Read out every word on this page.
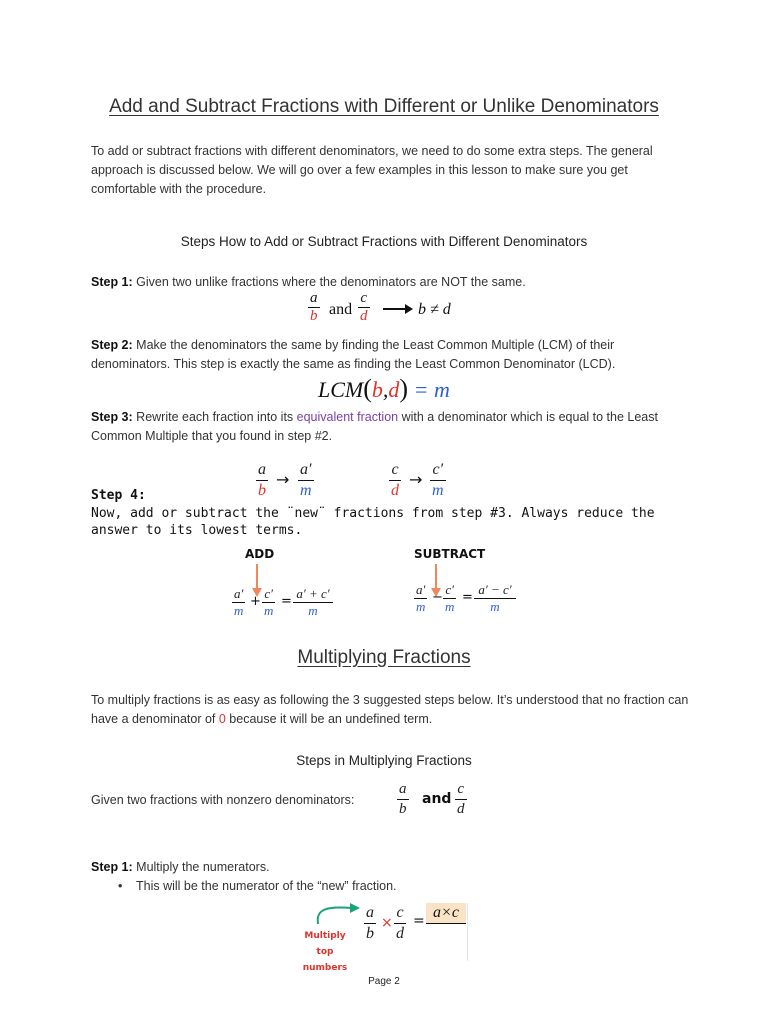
Add and Subtract Fractions with Different or Unlike Denominators
To add or subtract fractions with different denominators, we need to do some extra steps. The general approach is discussed below. We will go over a few examples in this lesson to make sure you get comfortable with the procedure.
Steps How to Add or Subtract Fractions with Different Denominators
Step 1: Given two unlike fractions where the denominators are NOT the same.
$\frac{a}{b}$ and $\frac{c}{d}$	b ≠ d
Step 2: Make the denominators the same by finding the Least Common Multiple (LCM) of their denominators. This step is exactly the same as finding the Least Common Denominator (LCD).
LCM(b,d) = m
Step 3: Rewrite each fraction into its equivalent fraction with a denominator which is equal to the Least Common Multiple that you found in step #2.
$\frac{a}{b} \to \frac{a'}{m}$	$\frac{c}{d} \to \frac{c'}{m}$
Step 4:
Now, add or subtract the ¨new¨ fractions from step #3. Always reduce the answer to its lowest terms.
ADD	SUBTRACT
$\frac{a'}{m} + \frac{c'}{m} = \frac{a' + c'}{m}$	$\frac{a'}{m} - \frac{c'}{m} = \frac{a' - c'}{m}$
Multiplying Fractions
To multiply fractions is as easy as following the 3 suggested steps below. It’s understood that no fraction can have a denominator of 0 because it will be an undefined term.
Steps in Multiplying Fractions
Given two fractions with nonzero denominators:	$\frac{a}{b}$ and $\frac{c}{d}$
Step 1: Multiply the numerators.
• This will be the numerator of the “new” fraction.
Multiply
top numbers
$\frac{a}{b} \times \frac{c}{d} = a\times c$
Page 2
